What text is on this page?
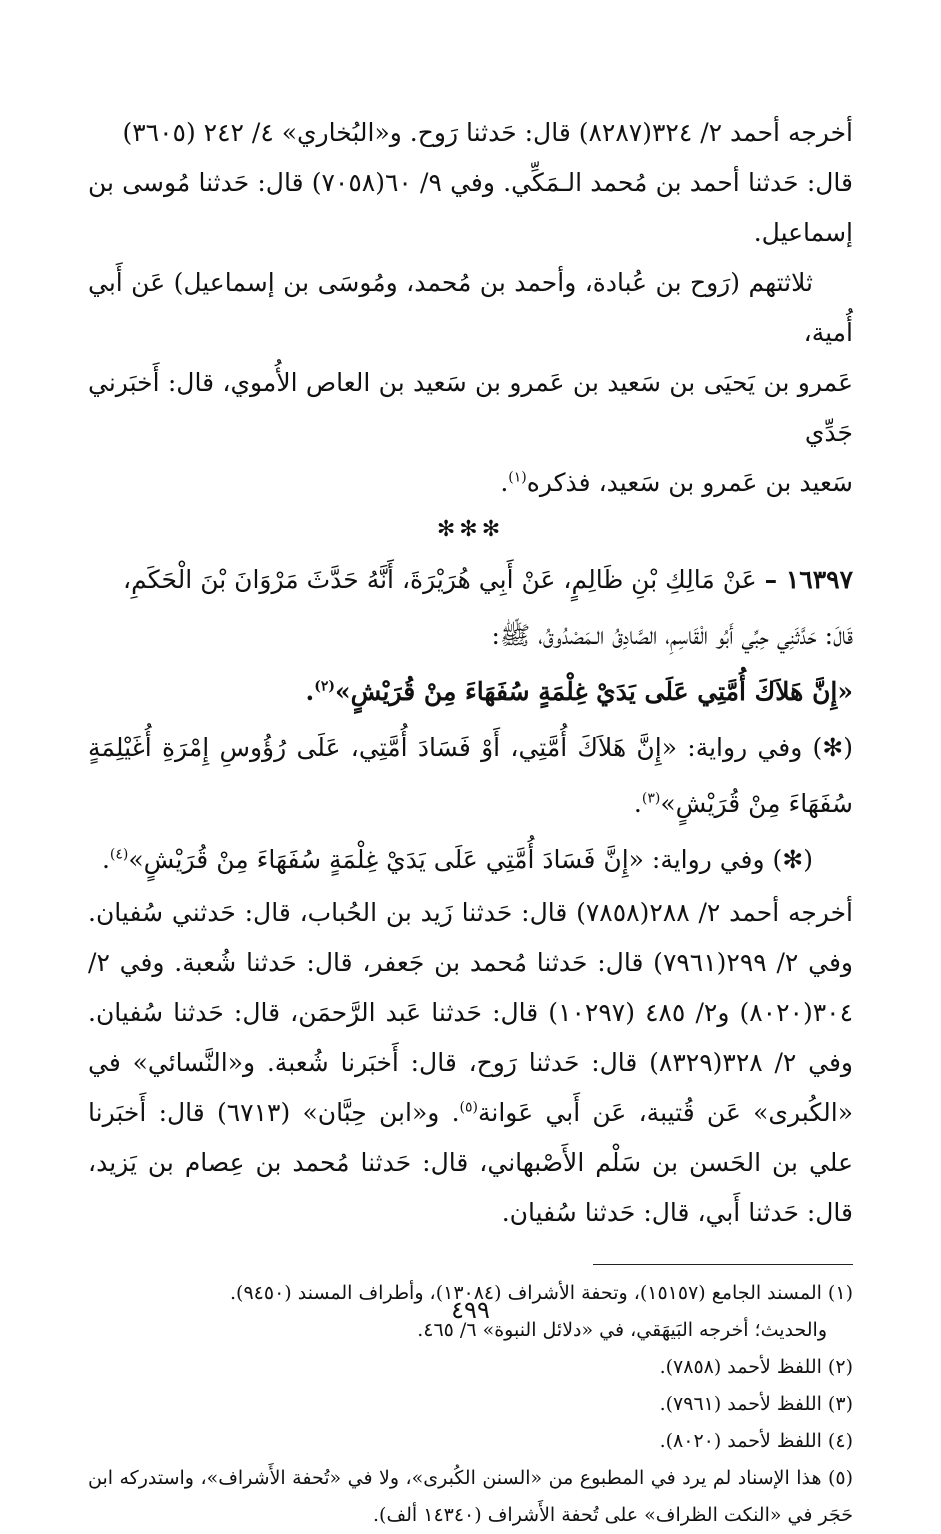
أخرجه أحمد ٢/ ٣٢٤(٨٢٨٧) قال: حَدثنا رَوح. و«البُخاري» ٤/ ٢٤٢ (٣٦٠٥)

قال: حَدثنا أحمد بن مُحمد الـمَكِّي. وفي ٩/ ٦٠(٧٠٥٨) قال: حَدثنا مُوسى بن إسماعيل.

ثلاثتهم (رَوح بن عُبادة، وأحمد بن مُحمد، ومُوسَى بن إسماعيل) عَن أَبي أُمية،

عَمرو بن يَحيَى بن سَعيد بن عَمرو بن سَعيد بن العاص الأُموي، قال: أَخبَرني جَدِّي

سَعيد بن عَمرو بن سَعيد، فذكره$^{(١)}$.

✻✻✻

١٦٣٩٧ – عَنْ مَالِكِ بْنِ ظَالِمٍ، عَنْ أَبِي هُرَيْرَةَ، أَنَّهُ حَدَّثَ مَرْوَانَ بْنَ الْحَكَمِ،

قَالَ: حَدَّثَنِي حِبِّي أَبُو الْقَاسِمِ، الصَّادِقُ الـمَصْدُوقُ، ﷺ:

«إِنَّ هَلاَكَ أُمَّتِي عَلَى يَدَيْ غِلْمَةٍ سُفَهَاءَ مِنْ قُرَيْشٍ»$^{(٢)}$.

(✻) وفي رواية: «إِنَّ هَلاَكَ أُمَّتِي، أَوْ فَسَادَ أُمَّتِي، عَلَى رُؤُوسِ إِمْرَةِ أُغَيْلِمَةٍ سُفَهَاءَ مِنْ قُرَيْشٍ»$^{(٣)}$.

(✻) وفي رواية: «إِنَّ فَسَادَ أُمَّتِي عَلَى يَدَيْ غِلْمَةٍ سُفَهَاءَ مِنْ قُرَيْشٍ»$^{(٤)}$.

أخرجه أحمد ٢/ ٢٨٨(٧٨٥٨) قال: حَدثنا زَيد بن الحُباب، قال: حَدثني سُفيان. وفي ٢/ ٢٩٩(٧٩٦١) قال: حَدثنا مُحمد بن جَعفر، قال: حَدثنا شُعبة. وفي ٢/ ٣٠٤(٨٠٢٠) و٢/ ٤٨٥ (١٠٢٩٧) قال: حَدثنا عَبد الرَّحمَن، قال: حَدثنا سُفيان. وفي ٢/ ٣٢٨(٨٣٢٩) قال: حَدثنا رَوح، قال: أَخبَرنا شُعبة. و«النَّسائي» في «الكُبرى» عَن قُتيبة، عَن أَبي عَوانة$^{(٥)}$. و«ابن حِبَّان» (٦٧١٣) قال: أَخبَرنا علي بن الحَسن بن سَلْم الأَصْبهاني، قال: حَدثنا مُحمد بن عِصام بن يَزيد، قال: حَدثنا أَبي، قال: حَدثنا سُفيان.

(١) المسند الجامع (١٥١٥٧)، وتحفة الأشراف (١٣٠٨٤)، وأطراف المسند (٩٤٥٠).

والحديث؛ أخرجه البَيهَقي، في «دلائل النبوة» ٦/ ٤٦٥.

(٢) اللفظ لأحمد (٧٨٥٨).

(٣) اللفظ لأحمد (٧٩٦١).

(٤) اللفظ لأحمد (٨٠٢٠).

(٥) هذا الإسناد لم يرد في المطبوع من «السنن الكُبرى»، ولا في «تُحفة الأَشراف»، واستدركه ابن حَجَر في «النكت الظراف» على تُحفة الأَشراف (١٤٣٤٠ ألف).

٤٩٩
